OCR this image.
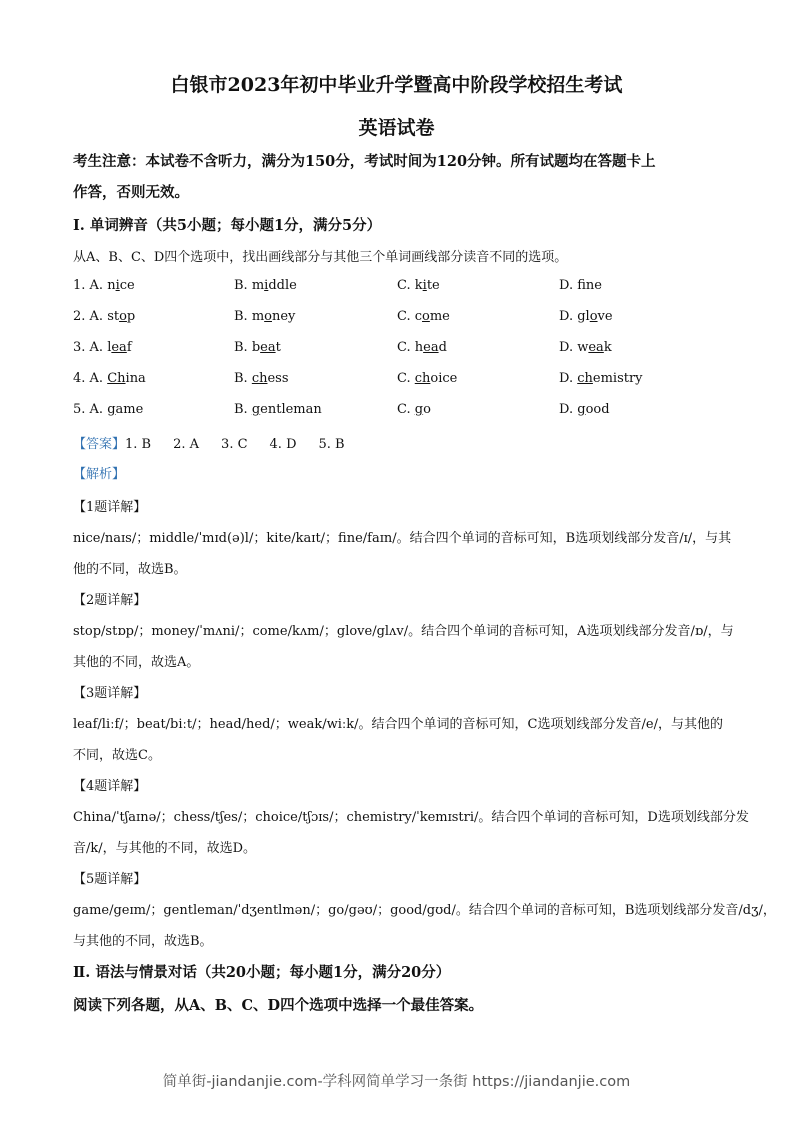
白银市2023年初中毕业升学暨高中阶段学校招生考试
英语试卷
考生注意：本试卷不含听力，满分为150分，考试时间为120分钟。所有试题均在答题卡上
作答，否则无效。
Ⅰ. 单词辨音（共5小题；每小题1分，满分5分）
从A、B、C、D四个选项中，找出画线部分与其他三个单词画线部分读音不同的选项。
1. A. nice	B. middle	C. kite	D. fne
2. A. stop	B. money	C. come	D. glove
3. A. leaf	B. beat	C. head	D. weak
4. A. China	B. chess	C. choice	D. chemistry
5. A. game	B. gentleman	C. go	D. good
【答案】1. B 2. A 3. C 4. D 5. B
【解析】
【1题详解】
nice/naɪs/；middle/ˈmɪd(ə)l/；kite/kaɪt/；fine/faɪn/。结合四个单词的音标可知，B选项划线部分发音/ɪ/，与其
他的不同，故选B。
【2题详解】
stop/stɒp/；money/ˈmʌni/；come/kʌm/；glove/glʌv/。结合四个单词的音标可知，A选项划线部分发音/ɒ/，与
其他的不同，故选A。
【3题详解】
leaf/liːf/；beat/biːt/；head/hed/；weak/wiːk/。结合四个单词的音标可知，C选项划线部分发音/e/，与其他的
不同，故选C。
【4题详解】
China/ˈtʃaɪnə/；chess/tʃes/；choice/tʃɔɪs/；chemistry/ˈkemɪstri/。结合四个单词的音标可知，D选项划线部分发
音/k/，与其他的不同，故选D。
【5题详解】
game/geɪm/；gentleman/ˈdʒentlmən/；go/gəʊ/；good/gʊd/。结合四个单词的音标可知，B选项划线部分发音/dʒ/，
与其他的不同，故选B。
Ⅱ. 语法与情景对话（共20小题；每小题1分，满分20分）
阅读下列各题，从A、B、C、D四个选项中选择一个最佳答案。
简单街-jiandanjie.com-学科网简单学习一条街 https://jiandanjie.com
